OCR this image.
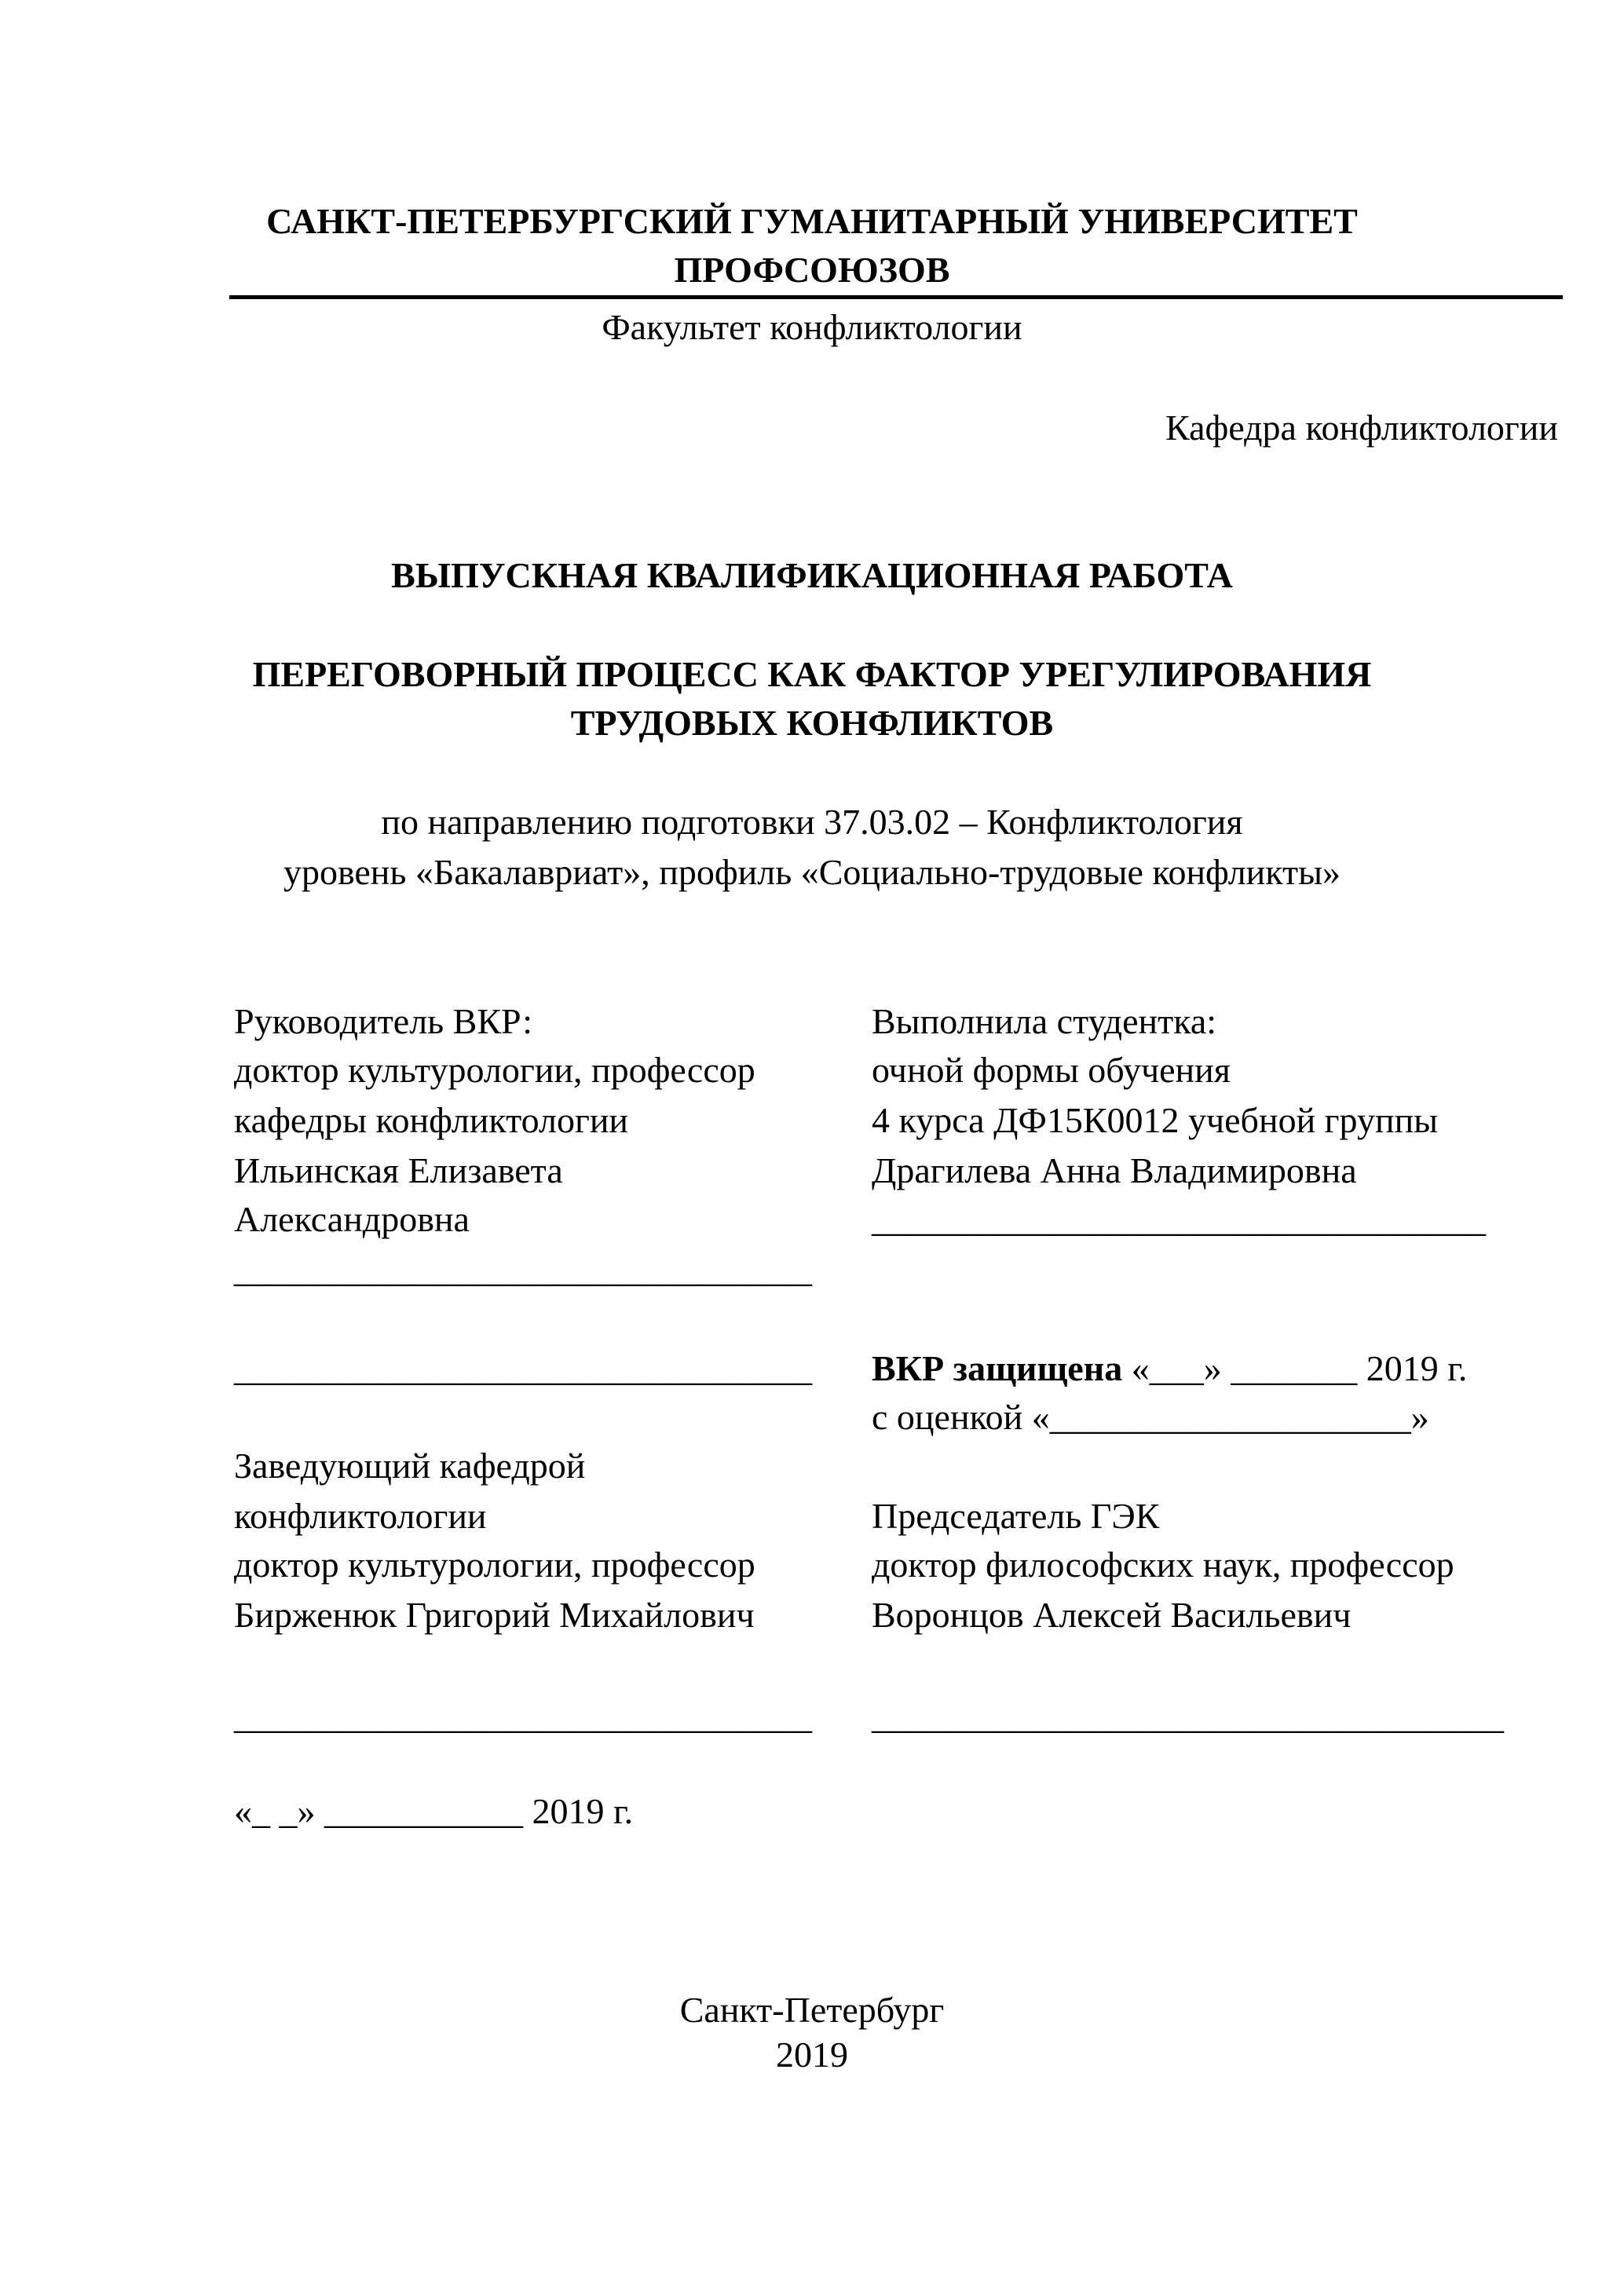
САНКТ-ПЕТЕРБУРГСКИЙ ГУМАНИТАРНЫЙ УНИВЕРСИТЕТ
ПРОФСОЮЗОВ
Факультет конфликтологии
Кафедра конфликтологии
ВЫПУСКНАЯ КВАЛИФИКАЦИОННАЯ РАБОТА
ПЕРЕГОВОРНЫЙ ПРОЦЕСС КАК ФАКТОР УРЕГУЛИРОВАНИЯ
ТРУДОВЫХ КОНФЛИКТОВ
по направлению подготовки 37.03.02 – Конфликтология
уровень «Бакалавриат», профиль «Социально-трудовые конфликты»
Руководитель ВКР:
доктор культурологии, профессор
кафедры конфликтологии
Ильинская Елизавета
Александровна
________________________________
Выполнила студентка:
очной формы обучения
4 курса ДФ15К0012 учебной группы
Драгилева Анна Владимировна
__________________________________
________________________________ ВКР защищена «___» _______ 2019 г.
с оценкой «____________________»
Заведующий кафедрой
конфликтологии
доктор культурологии, профессор
Бирженюк Григорий Михайлович
________________________________
«_ _» ___________ 2019 г.
Председатель ГЭК
доктор философских наук, профессор
Воронцов Алексей Васильевич
___________________________________
Санкт-Петербург
2019
